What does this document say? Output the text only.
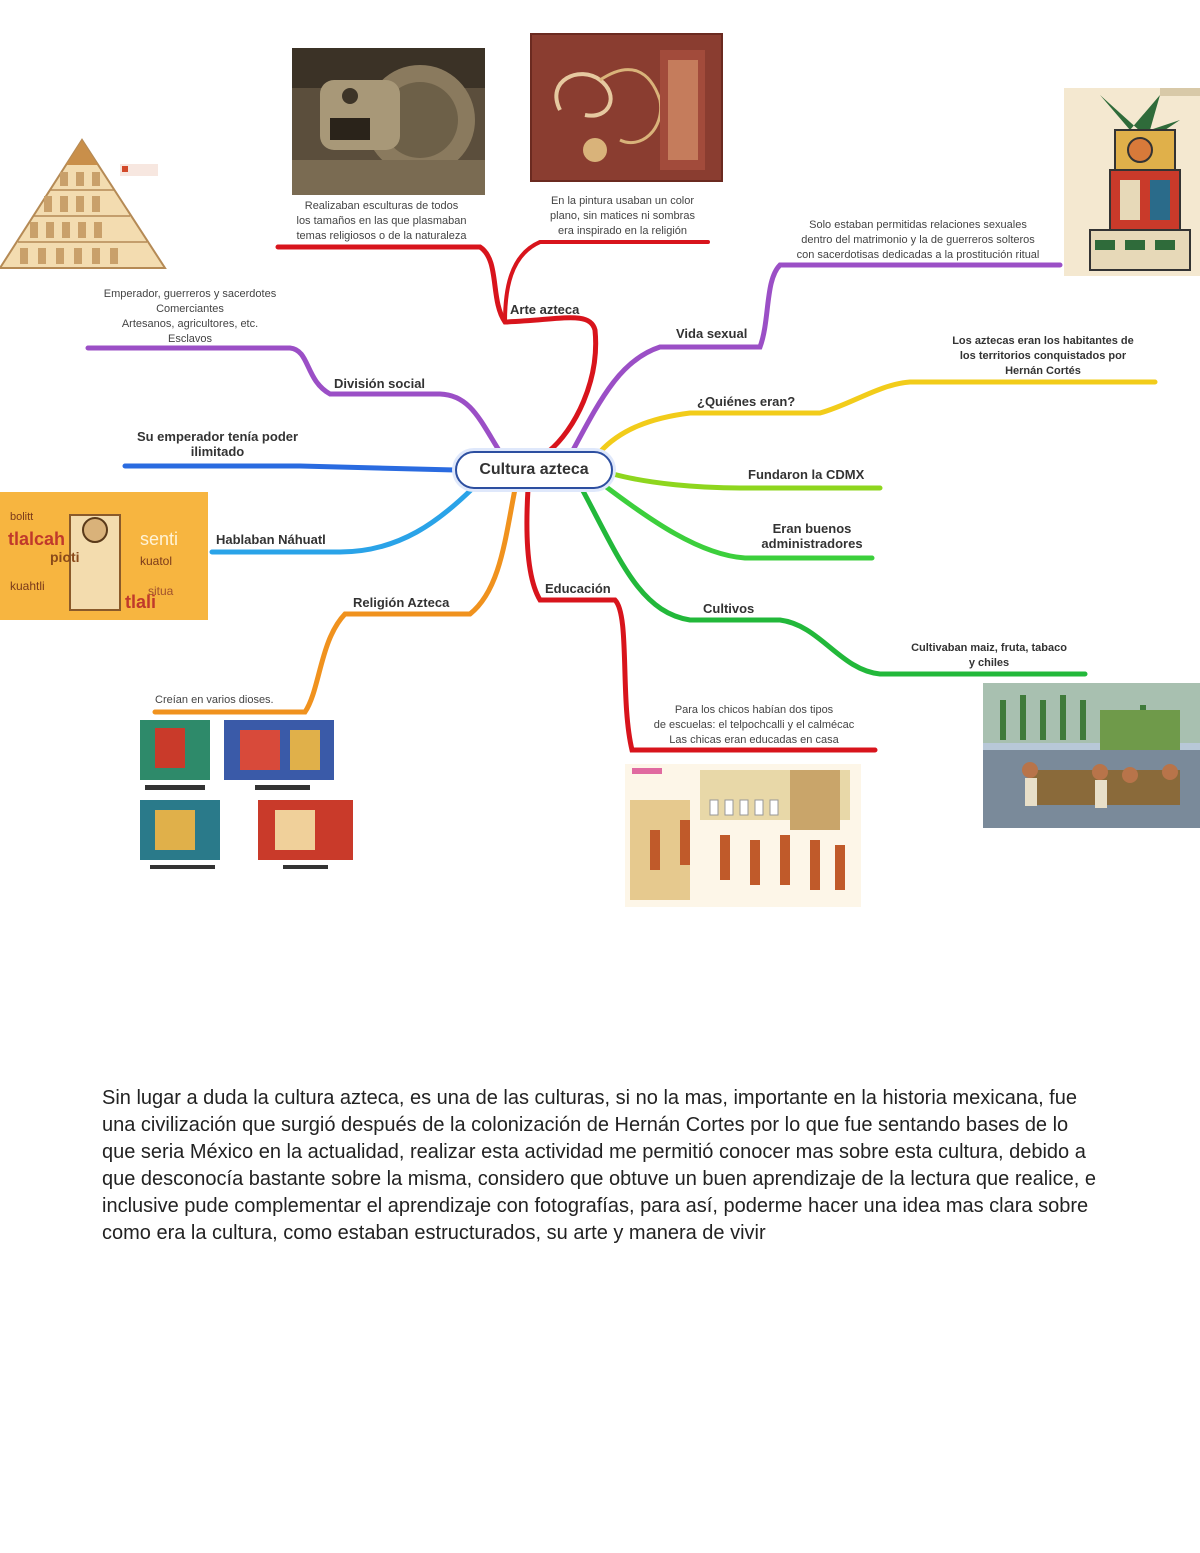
tlalcah
pioti
senti
kuatol
tlali
kuahtli	situa
bolitt
Cultura azteca
Arte azteca
Realizaban esculturas de todos
los tamaños en las que plasmaban
temas religiosos o de la naturaleza
En la pintura usaban un color
plano, sin matices ni sombras
era inspirado en la religión
Vida sexual
Solo estaban permitidas relaciones sexuales
dentro del matrimonio y la de guerreros solteros
con sacerdotisas dedicadas a la prostitución ritual
¿Quiénes eran?
Los aztecas eran los habitantes de
los territorios conquistados por
Hernán Cortés
Fundaron la CDMX
Eran buenos
administradores
Cultivos
Cultivaban maiz, fruta, tabaco
y chiles
Educación
Para los chicos habían dos tipos
de escuelas: el telpochcalli y el calmécac
Las chicas eran educadas en casa
Religión Azteca
Creían en varios dioses.
Hablaban Náhuatl
Su emperador tenía poder
ilimitado
División social
Emperador, guerreros y sacerdotes
Comerciantes
Artesanos, agricultores, etc.
Esclavos
Sin lugar a duda la cultura azteca, es una de las culturas, si no la mas, importante en la historia mexicana, fue una civilización que surgió después de la colonización de Hernán Cortes por lo que fue sentando bases de lo que seria México en la actualidad, realizar esta actividad me permitió conocer mas sobre esta cultura, debido a que desconocía bastante sobre la misma, considero que obtuve un buen aprendizaje de la lectura que realice, e inclusive pude complementar el aprendizaje con fotografías, para así, poderme hacer una idea mas clara sobre como era la cultura, como estaban estructurados, su arte y manera de vivir
